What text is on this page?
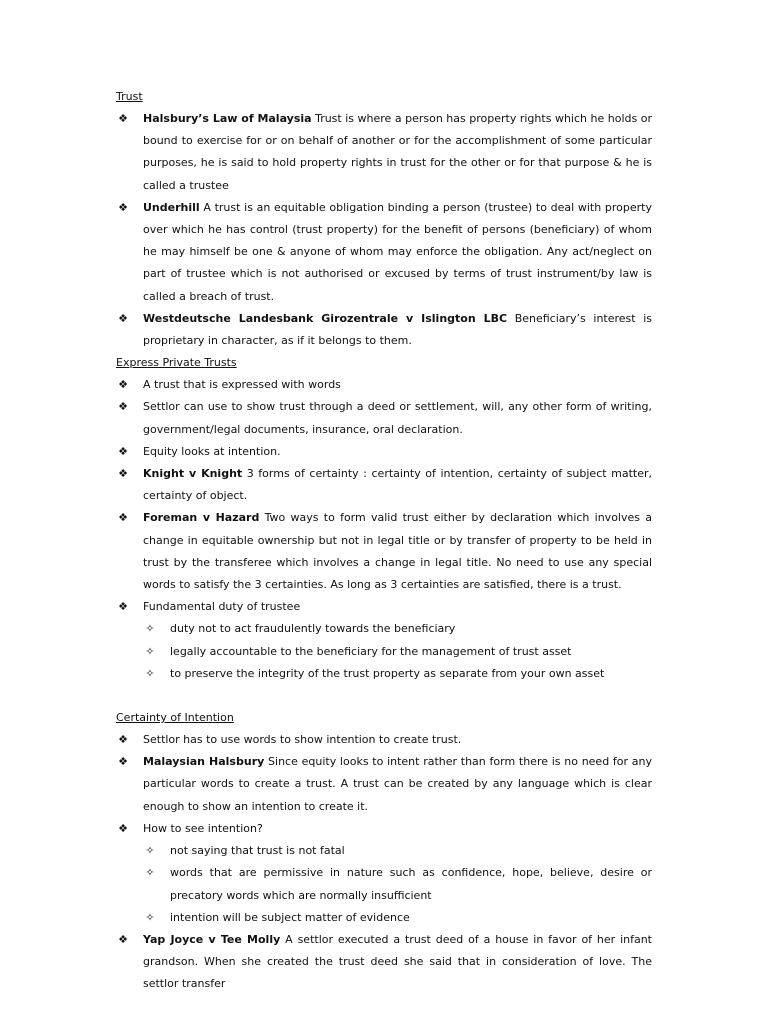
Trust
❖ Halsbury’s Law of Malaysia Trust is where a person has property rights which he holds or bound to exercise for or on behalf of another or for the accomplishment of some particular purposes, he is said to hold property rights in trust for the other or for that purpose & he is called a trustee
❖ Underhill A trust is an equitable obligation binding a person (trustee) to deal with property over which he has control (trust property) for the benefit of persons (beneficiary) of whom he may himself be one & anyone of whom may enforce the obligation. Any act/neglect on part of trustee which is not authorised or excused by terms of trust instrument/by law is called a breach of trust.
❖ Westdeutsche Landesbank Girozentrale v Islington LBC Beneficiary’s interest is proprietary in character, as if it belongs to them.
Express Private Trusts
❖ A trust that is expressed with words
❖ Settlor can use to show trust through a deed or settlement, will, any other form of writing, government/legal documents, insurance, oral declaration.
❖ Equity looks at intention.
❖ Knight v Knight 3 forms of certainty : certainty of intention, certainty of subject matter, certainty of object.
❖ Foreman v Hazard Two ways to form valid trust either by declaration which involves a change in equitable ownership but not in legal title or by transfer of property to be held in trust by the transferee which involves a change in legal title. No need to use any special words to satisfy the 3 certainties. As long as 3 certainties are satisfied, there is a trust.
❖ Fundamental duty of trustee
✧ duty not to act fraudulently towards the beneficiary
✧ legally accountable to the beneficiary for the management of trust asset
✧ to preserve the integrity of the trust property as separate from your own asset
Certainty of Intention
❖ Settlor has to use words to show intention to create trust.
❖ Malaysian Halsbury Since equity looks to intent rather than form there is no need for any particular words to create a trust. A trust can be created by any language which is clear enough to show an intention to create it.
❖ How to see intention?
✧ not saying that trust is not fatal
✧ words that are permissive in nature such as confidence, hope, believe, desire or precatory words which are normally insufficient
✧ intention will be subject matter of evidence
❖ Yap Joyce v Tee Molly A settlor executed a trust deed of a house in favor of her infant grandson. When she created the trust deed she said that in consideration of love. The settlor transfer
